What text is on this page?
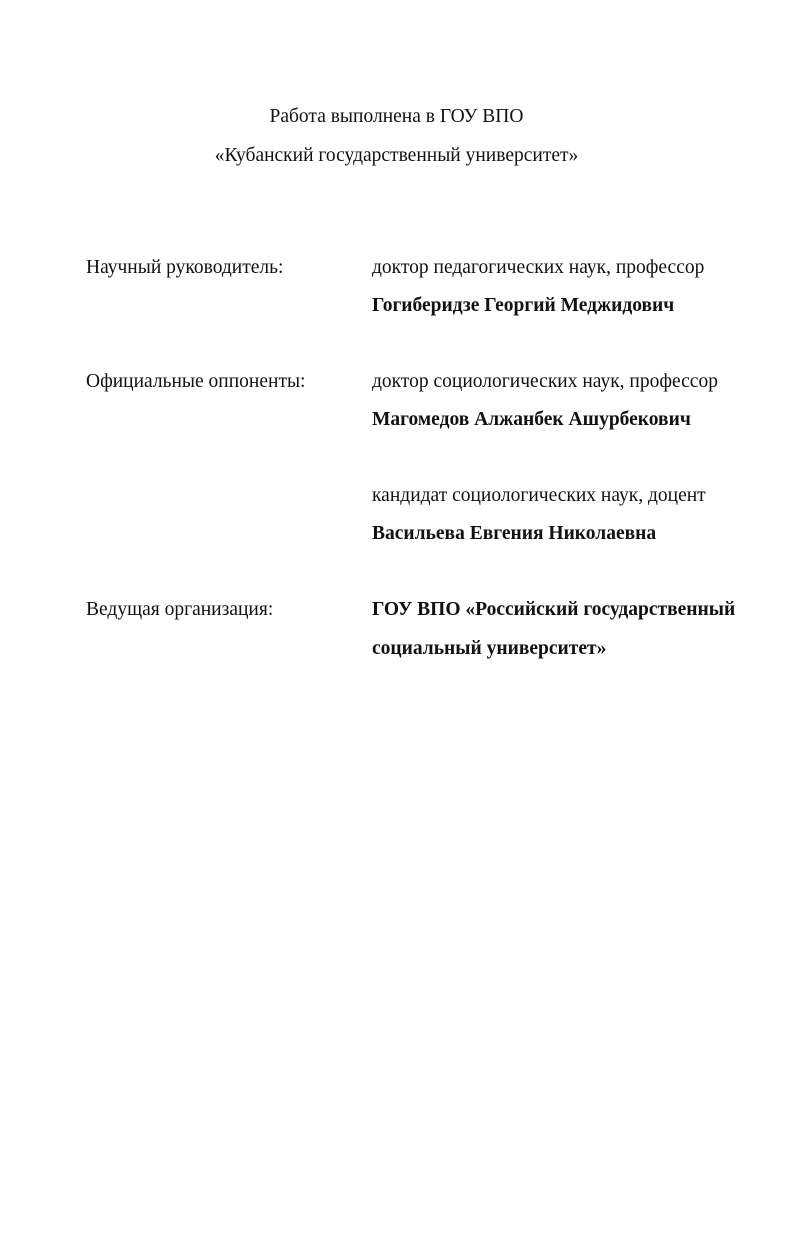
Работа выполнена в ГОУ ВПО
«Кубанский государственный университет»
Научный руководитель:	доктор педагогических наук, профессор
Гогиберидзе Георгий Меджидович
Официальные оппоненты:	доктор социологических наук, профессор
Магомедов Алжанбек Ашурбекович
кандидат социологических наук, доцент
Васильева Евгения Николаевна
Ведущая организация:	ГОУ ВПО «Российский государственный
социальный университет»
